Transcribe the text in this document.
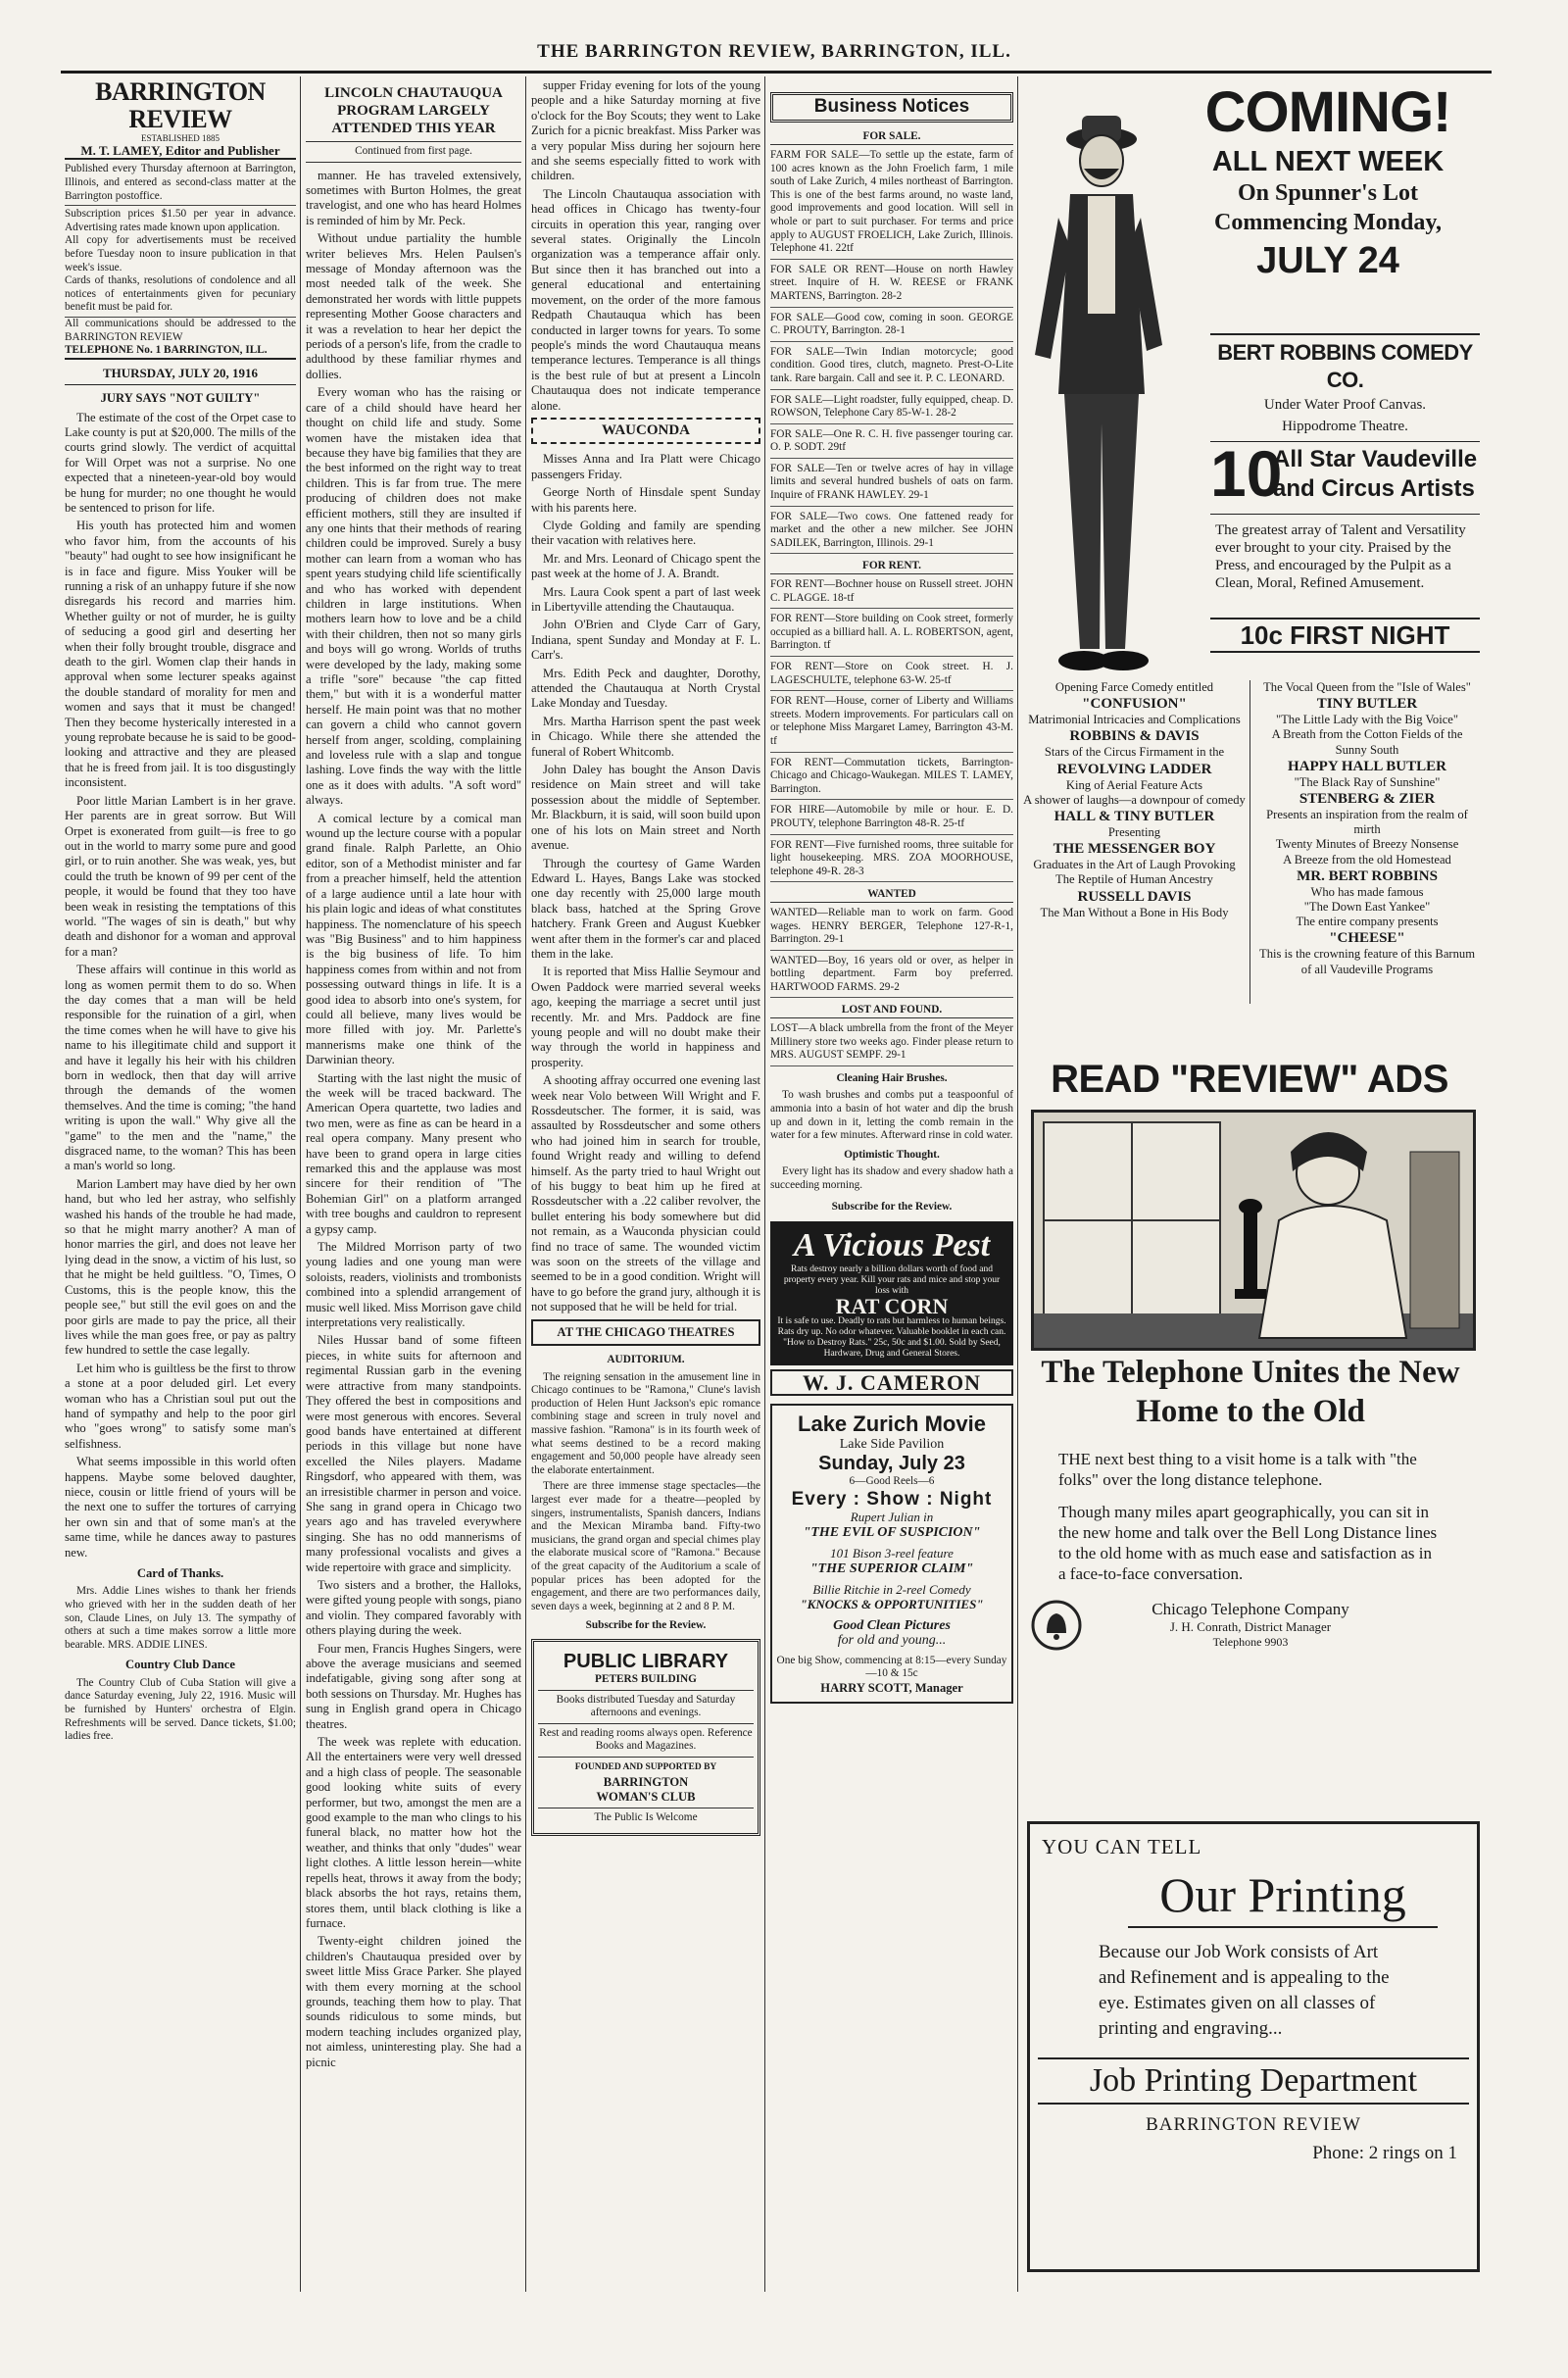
THE BARRINGTON REVIEW, BARRINGTON, ILL.
BARRINGTON REVIEW
ESTABLISHED 1885
M. T. LAMEY, Editor and Publisher
Published every Thursday afternoon at Barrington, Illinois, and entered as second-class matter at the Barrington postoffice.
Subscription prices $1.50 per year in advance. Advertising rates made known upon application.
All copy for advertisements must be received before Tuesday noon to insure publication in that week's issue.
Cards of thanks, resolutions of condolence and all notices of entertainments given for pecuniary benefit must be paid for.
All communications should be addressed to the BARRINGTON REVIEW
TELEPHONE No. 1 BARRINGTON, ILL.
THURSDAY, JULY 20, 1916
JURY SAYS "NOT GUILTY"

The estimate of the cost of the Orpet case to Lake county is put at $20,000. The mills of the courts grind slowly. The verdict of acquittal for Will Orpet was not a surprise. No one expected that a nineteen-year-old boy would be hung for murder; no one thought he would be sentenced to prison for life.

His youth has protected him and women who favor him, from the accounts of his "beauty" had ought to see how insignificant he is in face and figure. Miss Youker will be running a risk of an unhappy future if she now disregards his record and marries him. Whether guilty or not of murder, he is guilty of seducing a good girl and deserting her when their folly brought trouble, disgrace and death to the girl. Women clap their hands in approval when some lecturer speaks against the double standard of morality for men and women and says that it must be changed! Then they become hysterically interested in a young reprobate because he is said to be good-looking and attractive and they are pleased that he is freed from jail. It is too disgustingly inconsistent.

Poor little Marian Lambert is in her grave. Her parents are in great sorrow. But Will Orpet is exonerated from guilt—is free to go out in the world to marry some pure and good girl, or to ruin another. She was weak, yes, but could the truth be known of 99 per cent of the people, it would be found that they too have been weak in resisting the temptations of this world. "The wages of sin is death," but why death and dishonor for a woman and approval for a man?

These affairs will continue in this world as long as women permit them to do so. When the day comes that a man will be held responsible for the ruination of a girl, when the time comes when he will have to give his name to his illegitimate child and support it and have it legally his heir with his children born in wedlock, then that day will arrive through the demands of the women themselves. And the time is coming; "the hand writing is upon the wall." Why give all the "game" to the men and the "name," the disgraced name, to the woman? This has been a man's world so long.

Marion Lambert may have died by her own hand, but who led her astray, who selfishly washed his hands of the trouble he had made, so that he might marry another? A man of honor marries the girl, and does not leave her lying dead in the snow, a victim of his lust, so that he might be held guiltless. "O, Times, O Customs, this is the people know, this the people see," but still the evil goes on and the poor girls are made to pay the price, all their lives while the man goes free, or pay as paltry few hundred to settle the case legally.

Let him who is guiltless be the first to throw a stone at a poor deluded girl. Let every woman who has a Christian soul put out the hand of sympathy and help to the poor girl who "goes wrong" to satisfy some man's selfishness.

What seems impossible in this world often happens. Maybe some beloved daughter, niece, cousin or little friend of yours will be the next one to suffer the tortures of carrying her own sin and that of some man's at the same time, while he dances away to pastures new.

Card of Thanks.

Mrs. Addie Lines wishes to thank her friends who grieved with her in the sudden death of her son, Claude Lines, on July 13. The sympathy of others at such a time makes sorrow a little more bearable. MRS. ADDIE LINES.

Country Club Dance

The Country Club of Cuba Station will give a dance Saturday evening, July 22, 1916. Music will be furnished by Hunters' orchestra of Elgin. Refreshments will be served. Dance tickets, $1.00; ladies free.

LINCOLN CHAUTAUQUA PROGRAM LARGELY ATTENDED THIS YEAR
Continued from first page.

manner. He has traveled extensively, sometimes with Burton Holmes, the great travelogist, and one who has heard Holmes is reminded of him by Mr. Peck.

Without undue partiality the humble writer believes Mrs. Helen Paulsen's message of Monday afternoon was the most needed talk of the week. She demonstrated her words with little puppets representing Mother Goose characters and it was a revelation to hear her depict the periods of a person's life, from the cradle to adulthood by these familiar rhymes and dollies.

Every woman who has the raising or care of a child should have heard her thought on child life and study. Some women have the mistaken idea that because they have big families that they are the best informed on the right way to treat children. This is far from true. The mere producing of children does not make efficient mothers, still they are insulted if any one hints that their methods of rearing children could be improved. Surely a busy mother can learn from a woman who has spent years studying child life scientifically and who has worked with dependent children in large institutions. When mothers learn how to love and be a child with their children, then not so many girls and boys will go wrong. Worlds of truths were developed by the lady, making some a trifle "sore" because "the cap fitted them," but with it is a wonderful matter herself. He main point was that no mother can govern a child who cannot govern herself from anger, scolding, complaining and loveless rule with a slap and tongue lashing. Love finds the way with the little one as it does with adults. "A soft word" always.

A comical lecture by a comical man wound up the lecture course with a popular grand finale. Ralph Parlette, an Ohio editor, son of a Methodist minister and far from a preacher himself, held the attention of a large audience until a late hour with his plain logic and ideas of what constitutes happiness. The nomenclature of his speech was "Big Business" and to him happiness is the big business of life. To him happiness comes from within and not from possessing outward things in life. It is a good idea to absorb into one's system, for could all believe, many lives would be more filled with joy. Mr. Parlette's mannerisms make one think of the Darwinian theory.

Starting with the last night the music of the week will be traced backward. The American Opera quartette, two ladies and two men, were as fine as can be heard in a real opera company. Many present who have been to grand opera in large cities remarked this and the applause was most sincere for their rendition of "The Bohemian Girl" on a platform arranged with tree boughs and cauldron to represent a gypsy camp.

The Mildred Morrison party of two young ladies and one young man were soloists, readers, violinists and trombonists combined into a splendid arrangement of music well liked. Miss Morrison gave child interpretations very realistically.

Niles Hussar band of some fifteen pieces, in white suits for afternoon and regimental Russian garb in the evening were attractive from many standpoints. They offered the best in compositions and were most generous with encores. Several good bands have entertained at different periods in this village but none have excelled the Niles players. Madame Ringsdorf, who appeared with them, was an irresistible charmer in person and voice. She sang in grand opera in Chicago two years ago and has traveled everywhere singing. She has no odd mannerisms of many professional vocalists and gives a wide repertoire with grace and simplicity.

Two sisters and a brother, the Halloks, were gifted young people with songs, piano and violin. They compared favorably with others playing during the week.

Four men, Francis Hughes Singers, were above the average musicians and seemed indefatigable, giving song after song at both sessions on Thursday. Mr. Hughes has sung in English grand opera in Chicago theatres.

The week was replete with education. All the entertainers were very well dressed and a high class of people. The seasonable good looking white suits of every performer, but two, amongst the men are a good example to the man who clings to his funeral black, no matter how hot the weather, and thinks that only "dudes" wear light clothes. A little lesson herein—white repells heat, throws it away from the body; black absorbs the hot rays, retains them, stores them, until black clothing is like a furnace.

Twenty-eight children joined the children's Chautauqua presided over by sweet little Miss Grace Parker. She played with them every morning at the school grounds, teaching them how to play. That sounds ridiculous to some minds, but modern teaching includes organized play, not aimless, uninteresting play. She had a picnic

supper Friday evening for lots of the young people and a hike Saturday morning at five o'clock for the Boy Scouts; they went to Lake Zurich for a picnic breakfast. Miss Parker was a very popular Miss during her sojourn here and she seems especially fitted to work with children.

The Lincoln Chautauqua association with head offices in Chicago has twenty-four circuits in operation this year, ranging over several states. Originally the Lincoln organization was a temperance affair only. But since then it has branched out into a general educational and entertaining movement, on the order of the more famous Redpath Chautauqua which has been conducted in larger towns for years. To some people's minds the word Chautauqua means temperance lectures. Temperance is all things is the best rule of but at present a Lincoln Chautauqua does not indicate temperance alone.

WAUCONDA

Misses Anna and Ira Platt were Chicago passengers Friday.

George North of Hinsdale spent Sunday with his parents here.

Clyde Golding and family are spending their vacation with relatives here.

Mr. and Mrs. Leonard of Chicago spent the past week at the home of J. A. Brandt.

Mrs. Laura Cook spent a part of last week in Libertyville attending the Chautauqua.

John O'Brien and Clyde Carr of Gary, Indiana, spent Sunday and Monday at F. L. Carr's.

Mrs. Edith Peck and daughter, Dorothy, attended the Chautauqua at North Crystal Lake Monday and Tuesday.

Mrs. Martha Harrison spent the past week in Chicago. While there she attended the funeral of Robert Whitcomb.

John Daley has bought the Anson Davis residence on Main street and will take possession about the middle of September. Mr. Blackburn, it is said, will soon build upon one of his lots on Main street and North avenue.

Through the courtesy of Game Warden Edward L. Hayes, Bangs Lake was stocked one day recently with 25,000 large mouth black bass, hatched at the Spring Grove hatchery. Frank Green and August Kuebker went after them in the former's car and placed them in the lake.

It is reported that Miss Hallie Seymour and Owen Paddock were married several weeks ago, keeping the marriage a secret until just recently. Mr. and Mrs. Paddock are fine young people and will no doubt make their way through the world in happiness and prosperity.

A shooting affray occurred one evening last week near Volo between Will Wright and F. Rossdeutscher. The former, it is said, was assaulted by Rossdeutscher and some others who had joined him in search for trouble, found Wright ready and willing to defend himself. As the party tried to haul Wright out of his buggy to beat him up he fired at Rossdeutscher with a .22 caliber revolver, the bullet entering his body somewhere but did not remain, as a Wauconda physician could find no trace of same. The wounded victim was soon on the streets of the village and seemed to be in a good condition. Wright will have to go before the grand jury, although it is not supposed that he will be held for trial.

AT THE CHICAGO THEATRES
AUDITORIUM.

The reigning sensation in the amusement line in Chicago continues to be "Ramona," Clune's lavish production of Helen Hunt Jackson's epic romance combining stage and screen in truly novel and massive fashion. "Ramona" is in its fourth week of what seems destined to be a record making engagement and 50,000 people have already seen the elaborate entertainment.

There are three immense stage spectacles—the largest ever made for a theatre—peopled by singers, instrumentalists, Spanish dancers, Indians and the Mexican Miramba band. Fifty-two musicians, the grand organ and special chimes play the elaborate musical score of "Ramona." Because of the great capacity of the Auditorium a scale of popular prices has been adopted for the engagement, and there are two performances daily, seven days a week, beginning at 2 and 8 P. M.

Subscribe for the Review.
PUBLIC LIBRARY
PETERS BUILDING
Books distributed Tuesday and Saturday afternoons and evenings.
Rest and reading rooms always open. Reference Books and Magazines.
FOUNDED AND SUPPORTED BY
BARRINGTON
WOMAN'S CLUB
The Public Is Welcome
Business Notices
FOR SALE.
FARM FOR SALE—To settle up the estate, farm of 100 acres known as the John Froelich farm, 1 mile south of Lake Zurich, 4 miles northeast of Barrington. This is one of the best farms around, no waste land, good improvements and good location. Will sell in whole or part to suit purchaser. For terms and price apply to AUGUST FROELICH, Lake Zurich, Illinois. Telephone 41. 22tf
FOR SALE OR RENT—House on north Hawley street. Inquire of H. W. REESE or FRANK MARTENS, Barrington. 28-2
FOR SALE—Good cow, coming in soon. GEORGE C. PROUTY, Barrington. 28-1
FOR SALE—Twin Indian motorcycle; good condition. Good tires, clutch, magneto. Prest-O-Lite tank. Rare bargain. Call and see it. P. C. LEONARD.
FOR SALE—Light roadster, fully equipped, cheap. D. ROWSON, Telephone Cary 85-W-1. 28-2
FOR SALE—One R. C. H. five passenger touring car. O. P. SODT. 29tf
FOR SALE—Ten or twelve acres of hay in village limits and several hundred bushels of oats on farm. Inquire of FRANK HAWLEY. 29-1
FOR SALE—Two cows. One fattened ready for market and the other a new milcher. See JOHN SADILEK, Barrington, Illinois. 29-1
FOR RENT.
FOR RENT—Bochner house on Russell street. JOHN C. PLAGGE. 18-tf
FOR RENT—Store building on Cook street, formerly occupied as a billiard hall. A. L. ROBERTSON, agent, Barrington. tf
FOR RENT—Store on Cook street. H. J. LAGESCHULTE, telephone 63-W. 25-tf
FOR RENT—House, corner of Liberty and Williams streets. Modern improvements. For particulars call on or telephone Miss Margaret Lamey, Barrington 43-M. tf
FOR RENT—Commutation tickets, Barrington-Chicago and Chicago-Waukegan. MILES T. LAMEY, Barrington.
FOR HIRE—Automobile by mile or hour. E. D. PROUTY, telephone Barrington 48-R. 25-tf
FOR RENT—Five furnished rooms, three suitable for light housekeeping. MRS. ZOA MOORHOUSE, telephone 49-R. 28-3
WANTED
WANTED—Reliable man to work on farm. Good wages. HENRY BERGER, Telephone 127-R-1, Barrington. 29-1
WANTED—Boy, 16 years old or over, as helper in bottling department. Farm boy preferred. HARTWOOD FARMS. 29-2
LOST AND FOUND.
LOST—A black umbrella from the front of the Meyer Millinery store two weeks ago. Finder please return to MRS. AUGUST SEMPF. 29-1
Cleaning Hair Brushes.

To wash brushes and combs put a teaspoonful of ammonia into a basin of hot water and dip the brush up and down in it, letting the comb remain in the water for a few minutes. Afterward rinse in cold water.

Optimistic Thought.

Every light has its shadow and every shadow hath a succeeding morning.

Subscribe for the Review.
A Vicious Pest
Rats destroy nearly a billion dollars worth of food and property every year. Kill your rats and mice and stop your loss with
RAT CORN
It is safe to use. Deadly to rats but harmless to human beings. Rats dry up. No odor whatever. Valuable booklet in each can. "How to Destroy Rats." 25c, 50c and $1.00. Sold by Seed, Hardware, Drug and General Stores.
W. J. CAMERON
Lake Zurich Movie
Lake Side Pavilion
Sunday, July 23
6—Good Reels—6
Every : Show : Night
Rupert Julian in
"THE EVIL OF SUSPICION"
101 Bison 3-reel feature
"THE SUPERIOR CLAIM"
Billie Ritchie in 2-reel Comedy
"KNOCKS & OPPORTUNITIES"
Good Clean Pictures
for old and young...
One big Show, commencing at 8:15—every Sunday—10 & 15c
HARRY SCOTT, Manager
COMING!
ALL NEXT WEEK
On Spunner's Lot
Commencing Monday,
JULY 24
BERT ROBBINS COMEDY CO.
Under Water Proof Canvas.
Hippodrome Theatre.
10
All Star Vaudeville and Circus Artists
The greatest array of Talent and Versatility ever brought to your city. Praised by the Press, and encouraged by the Pulpit as a Clean, Moral, Refined Amusement.
10c FIRST NIGHT
Opening Farce Comedy entitled
"CONFUSION"
Matrimonial Intricacies and Complications
ROBBINS & DAVIS
Stars of the Circus Firmament in the
REVOLVING LADDER
King of Aerial Feature Acts
A shower of laughs—a downpour of comedy
HALL & TINY BUTLER
Presenting
THE MESSENGER BOY
Graduates in the Art of Laugh Provoking
The Reptile of Human Ancestry
RUSSELL DAVIS
The Man Without a Bone in His Body
The Vocal Queen from the "Isle of Wales"
TINY BUTLER
"The Little Lady with the Big Voice"
A Breath from the Cotton Fields of the Sunny South
HAPPY HALL BUTLER
"The Black Ray of Sunshine"
STENBERG & ZIER
Presents an inspiration from the realm of mirth
Twenty Minutes of Breezy Nonsense
A Breeze from the old Homestead
MR. BERT ROBBINS
Who has made famous
"The Down East Yankee"
The entire company presents
"CHEESE"
This is the crowning feature of this Barnum of all Vaudeville Programs
READ "REVIEW" ADS
The Telephone Unites the New Home to the Old
THE next best thing to a visit home is a talk with "the folks" over the long distance telephone.
Though many miles apart geographically, you can sit in the new home and talk over the Bell Long Distance lines to the old home with as much ease and satisfaction as in a face-to-face conversation.
Chicago Telephone Company
J. H. Conrath, District Manager
Telephone 9903
YOU CAN TELL
Our Printing
Because our Job Work consists of Art and Refinement and is appealing to the eye. Estimates given on all classes of printing and engraving...
Job Printing Department
BARRINGTON REVIEW
Phone: 2 rings on 1
